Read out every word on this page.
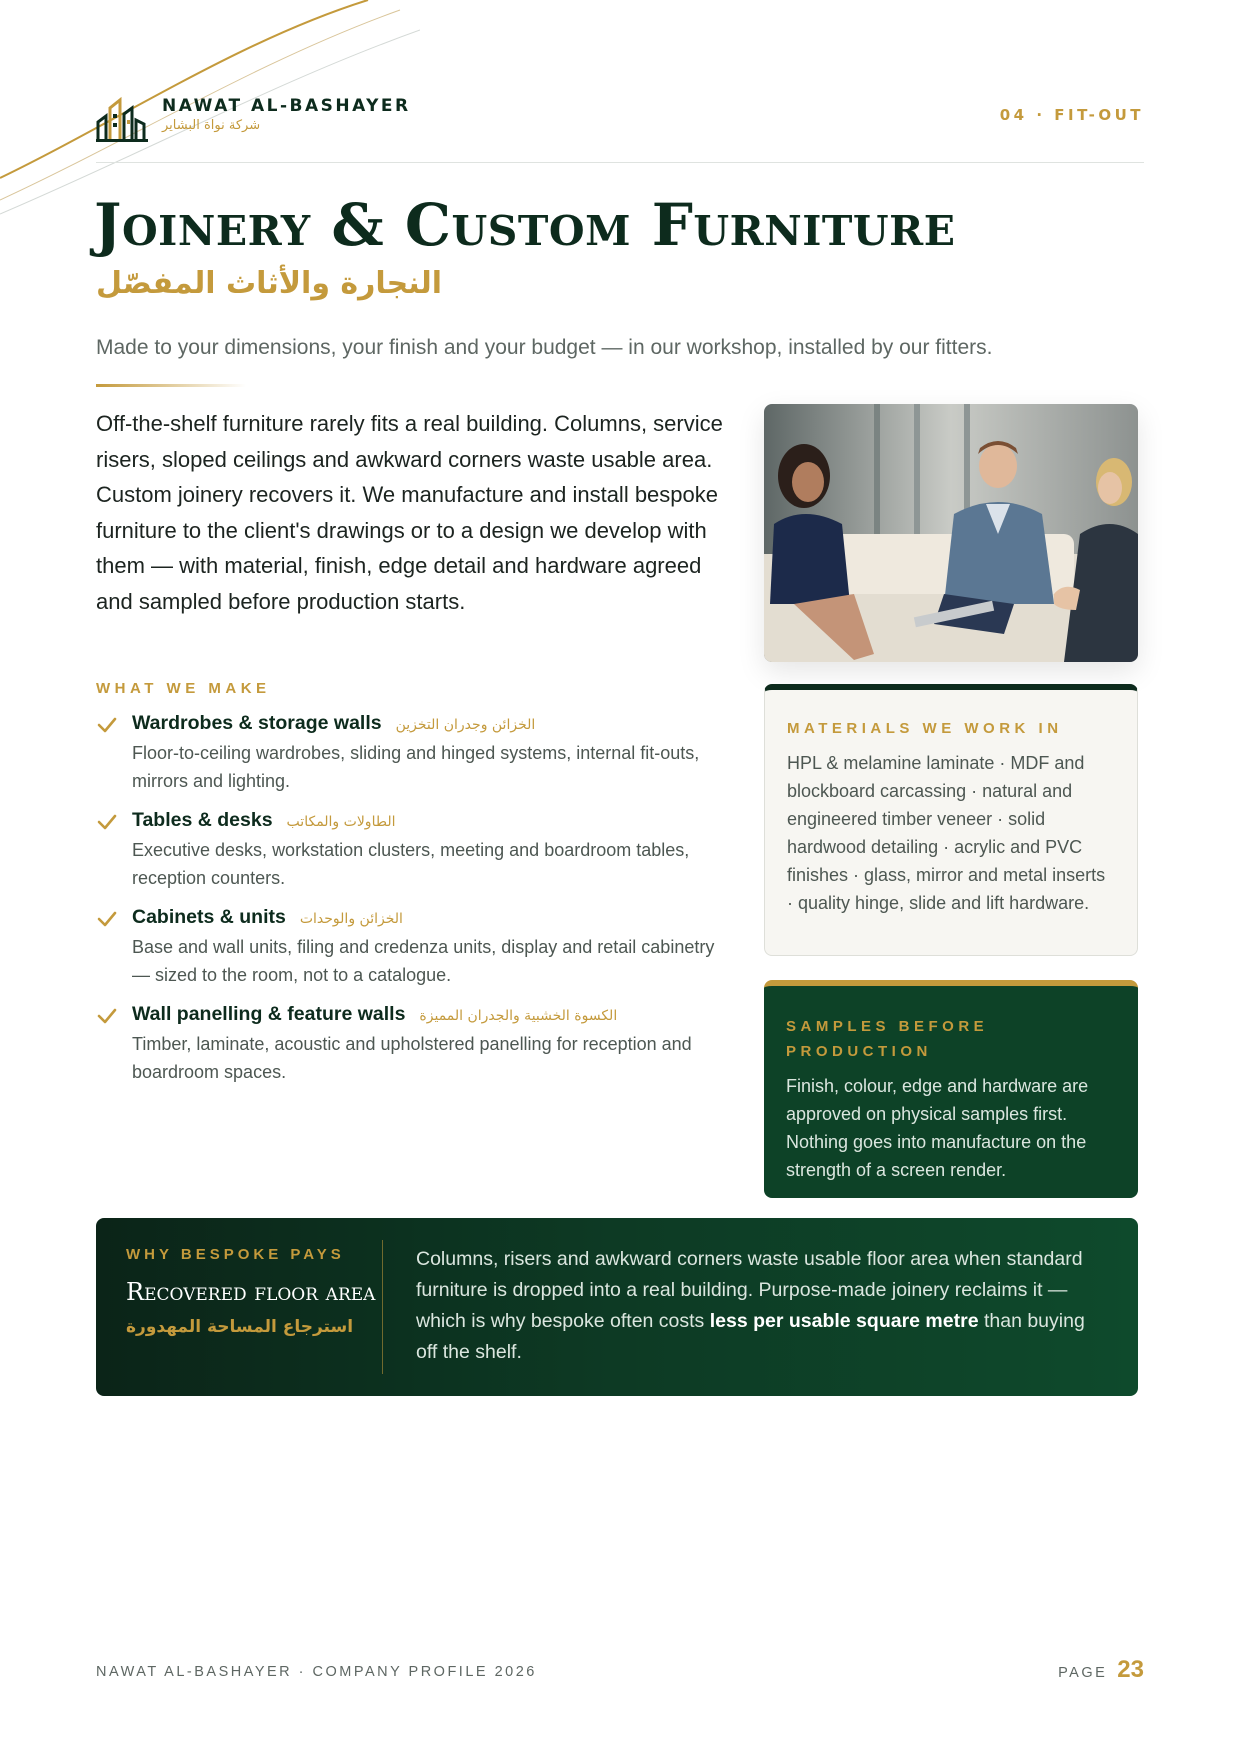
NAWAT AL-BASHAYER
شركة نواة البشاير
04 · FIT-OUT
Joinery & Custom Furniture
النجارة والأثاث المفصّل
Made to your dimensions, your finish and your budget — in our workshop, installed by our fitters.
Off-the-shelf furniture rarely fits a real building. Columns, service risers, sloped ceilings and awkward corners waste usable area. Custom joinery recovers it. We manufacture and install bespoke furniture to the client's drawings or to a design we develop with them — with material, finish, edge detail and hardware agreed and sampled before production starts.
WHAT WE MAKE
Wardrobes & storage walls الخزائن وجدران التخزين
Floor-to-ceiling wardrobes, sliding and hinged systems, internal fit-outs, mirrors and lighting.
Tables & desks الطاولات والمكاتب
Executive desks, workstation clusters, meeting and boardroom tables, reception counters.
Cabinets & units الخزائن والوحدات
Base and wall units, filing and credenza units, display and retail cabinetry — sized to the room, not to a catalogue.
Wall panelling & feature walls الكسوة الخشبية والجدران المميزة
Timber, laminate, acoustic and upholstered panelling for reception and boardroom spaces.
MATERIALS WE WORK IN
HPL & melamine laminate · MDF and blockboard carcassing · natural and engineered timber veneer · solid hardwood detailing · acrylic and PVC finishes · glass, mirror and metal inserts · quality hinge, slide and lift hardware.
SAMPLES BEFORE PRODUCTION
Finish, colour, edge and hardware are approved on physical samples first. Nothing goes into manufacture on the strength of a screen render.
WHY BESPOKE PAYS
Recovered floor area
استرجاع المساحة المهدورة
Columns, risers and awkward corners waste usable floor area when standard furniture is dropped into a real building. Purpose-made joinery reclaims it — which is why bespoke often costs less per usable square metre than buying off the shelf.
NAWAT AL-BASHAYER · COMPANY PROFILE 2026	PAGE 23
